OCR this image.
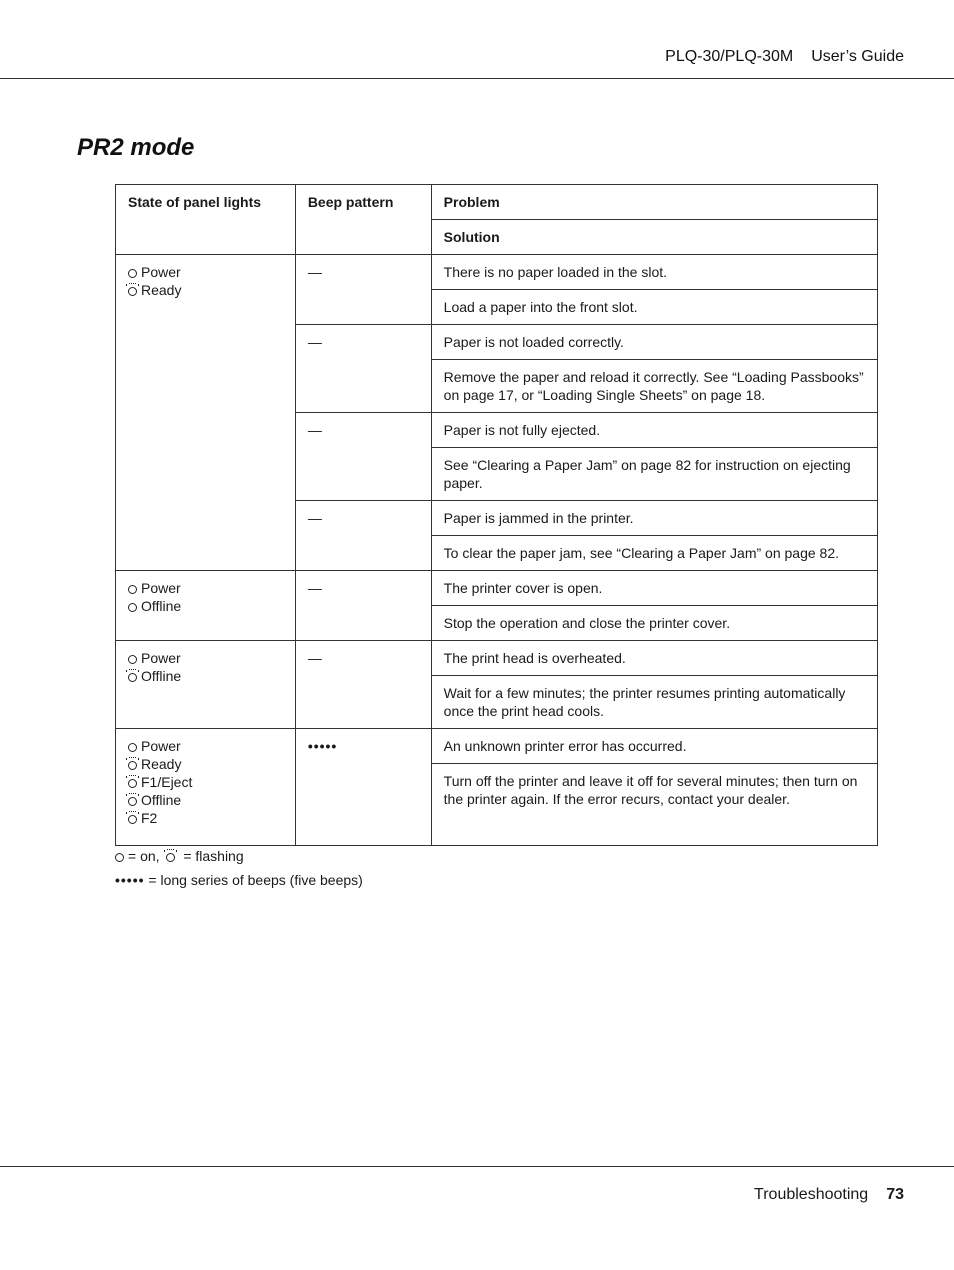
PLQ-30/PLQ-30M User’s Guide
PR2 mode
State of panel lights	Beep pattern	Problem
		Solution

Power
Ready	—	There is no paper loaded in the slot.
		Load a paper into the front slot.
	—	Paper is not loaded correctly.
		Remove the paper and reload it correctly. See “Loading Passbooks” on page 17, or “Loading Single Sheets” on page 18.
	—	Paper is not fully ejected.
		See “Clearing a Paper Jam” on page 82 for instruction on ejecting paper.
	—	Paper is jammed in the printer.
		To clear the paper jam, see “Clearing a Paper Jam” on page 82.

Power
Offline	—	The printer cover is open.
		Stop the operation and close the printer cover.

Power
Offline	—	The print head is overheated.
		Wait for a few minutes; the printer resumes printing automatically once the print head cools.

Power
Ready
F1/Eject
Offline
F2	•••••	An unknown printer error has occurred.
		Turn off the printer and leave it off for several minutes; then turn on the printer again. If the error recurs, contact your dealer.
= on, = flashing
••••• = long series of beeps (five beeps)
Troubleshooting 73
